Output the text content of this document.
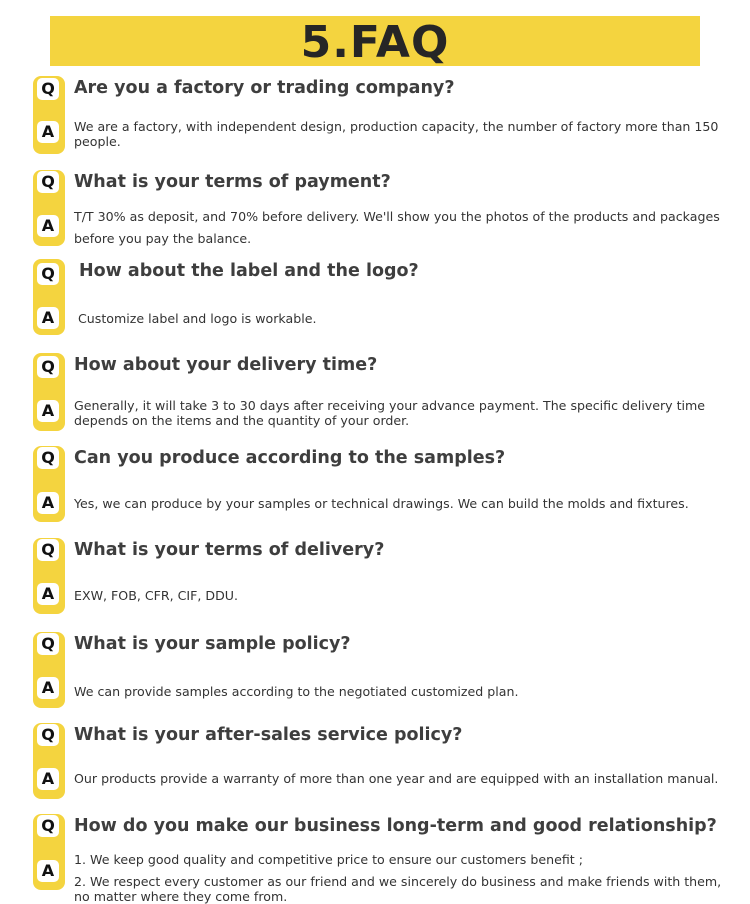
5.FAQ
Q
A
Are you a factory or trading company?

We are a factory, with independent design, production capacity, the number of factory more than 150 people.

Q
A
What is your terms of payment?

T/T 30% as deposit, and 70% before delivery. We'll show you the photos of the products and packages before you pay the balance.

Q
A
How about the label and the logo?

Customize label and logo is workable.

Q
A
How about your delivery time?

Generally, it will take 3 to 30 days after receiving your advance payment. The specific delivery time depends on the items and the quantity of your order.

Q
A
Can you produce according to the samples?

Yes, we can produce by your samples or technical drawings. We can build the molds and fixtures.

Q
A
What is your terms of delivery?

EXW, FOB, CFR, CIF, DDU.

Q
A
What is your sample policy?

We can provide samples according to the negotiated customized plan.

Q
A
What is your after-sales service policy?

Our products provide a warranty of more than one year and are equipped with an installation manual.

Q
A
How do you make our business long-term and good relationship?

1. We keep good quality and competitive price to ensure our customers benefit ;

2. We respect every customer as our friend and we sincerely do business and make friends with them, no matter where they come from.
